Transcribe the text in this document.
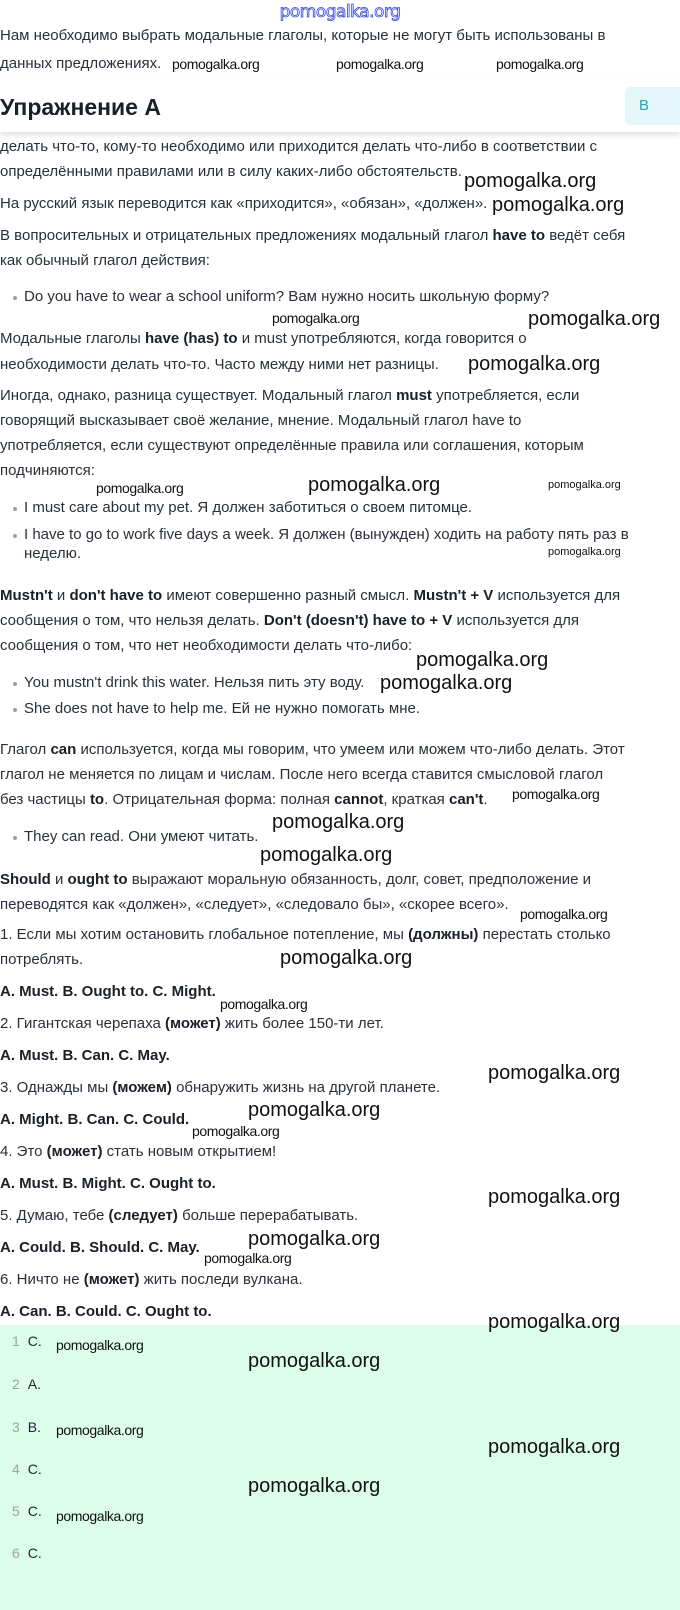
pomogalka.org
Нам необходимо выбрать модальные глаголы, которые не могут быть использованы в
данных предложениях.
делать что-то, кому-то необходимо или приходится делать что-либо в соответствии с
определёнными правилами или в силу каких-либо обстоятельств.
На русский язык переводится как «приходится», «обязан», «должен».
В вопросительных и отрицательных предложениях модальный глагол have to ведёт себя
как обычный глагол действия:
Do you have to wear a school uniform? Вам нужно носить школьную форму?
Модальные глаголы have (has) to и must употребляются, когда говорится о
необходимости делать что-то. Часто между ними нет разницы.
Иногда, однако, разница существует. Модальный глагол must употребляется, если
говорящий высказывает своё желание, мнение. Модальный глагол have to
употребляется, если существуют определённые правила или соглашения, которым
подчиняются:
I must care about my pet. Я должен заботиться о своем питомце.
I have to go to work five days a week. Я должен (вынужден) ходить на работу пять раз в
неделю.
Mustn't и don't have to имеют совершенно разный смысл. Mustn't + V используется для
сообщения о том, что нельзя делать. Don't (doesn't) have to + V используется для
сообщения о том, что нет необходимости делать что-либо:
You mustn't drink this water. Нельзя пить эту воду.
She does not have to help me. Ей не нужно помогать мне.
Глагол can используется, когда мы говорим, что умеем или можем что-либо делать. Этот
глагол не меняется по лицам и числам. После него всегда ставится смысловой глагол
без частицы to. Отрицательная форма: полная cannot, краткая can't.
They can read. Они умеют читать.
Should и ought to выражают моральную обязанность, долг, совет, предположение и
переводятся как «должен», «следует», «следовало бы», «скорее всего».
1. Если мы хотим остановить глобальное потепление, мы (должны) перестать столько
потреблять.
A. Must. B. Ought to. C. Might.
2. Гигантская черепаха (может) жить более 150-ти лет.
A. Must. B. Can. C. May.
3. Однажды мы (можем) обнаружить жизнь на другой планете.
A. Might. B. Can. C. Could.
4. Это (может) стать новым открытием!
A. Must. B. Might. C. Ought to.
5. Думаю, тебе (следует) больше перерабатывать.
A. Could. B. Should. C. May.
6. Ничто не (может) жить последи вулкана.
A. Can. B. Could. C. Ought to.
Упражнение А	В
1 C.
2 A.
3 B.
4 C.
5 C.
6 C.
pomogalka.org
pomogalka.org
pomogalka.org
pomogalka.org
pomogalka.org
pomogalka.org
pomogalka.org
pomogalka.org
pomogalka.org
pomogalka.org
pomogalka.org
pomogalka.org
pomogalka.org
pomogalka.org
pomogalka.org
pomogalka.org
pomogalka.org
pomogalka.org
pomogalka.org	pomogalka.org	pomogalka.org
pomogalka.org
pomogalka.org	pomogalka.org
pomogalka.org
pomogalka.org
pomogalka.org
pomogalka.org
pomogalka.org
pomogalka.org
pomogalka.org
pomogalka.org
pomogalka.org
